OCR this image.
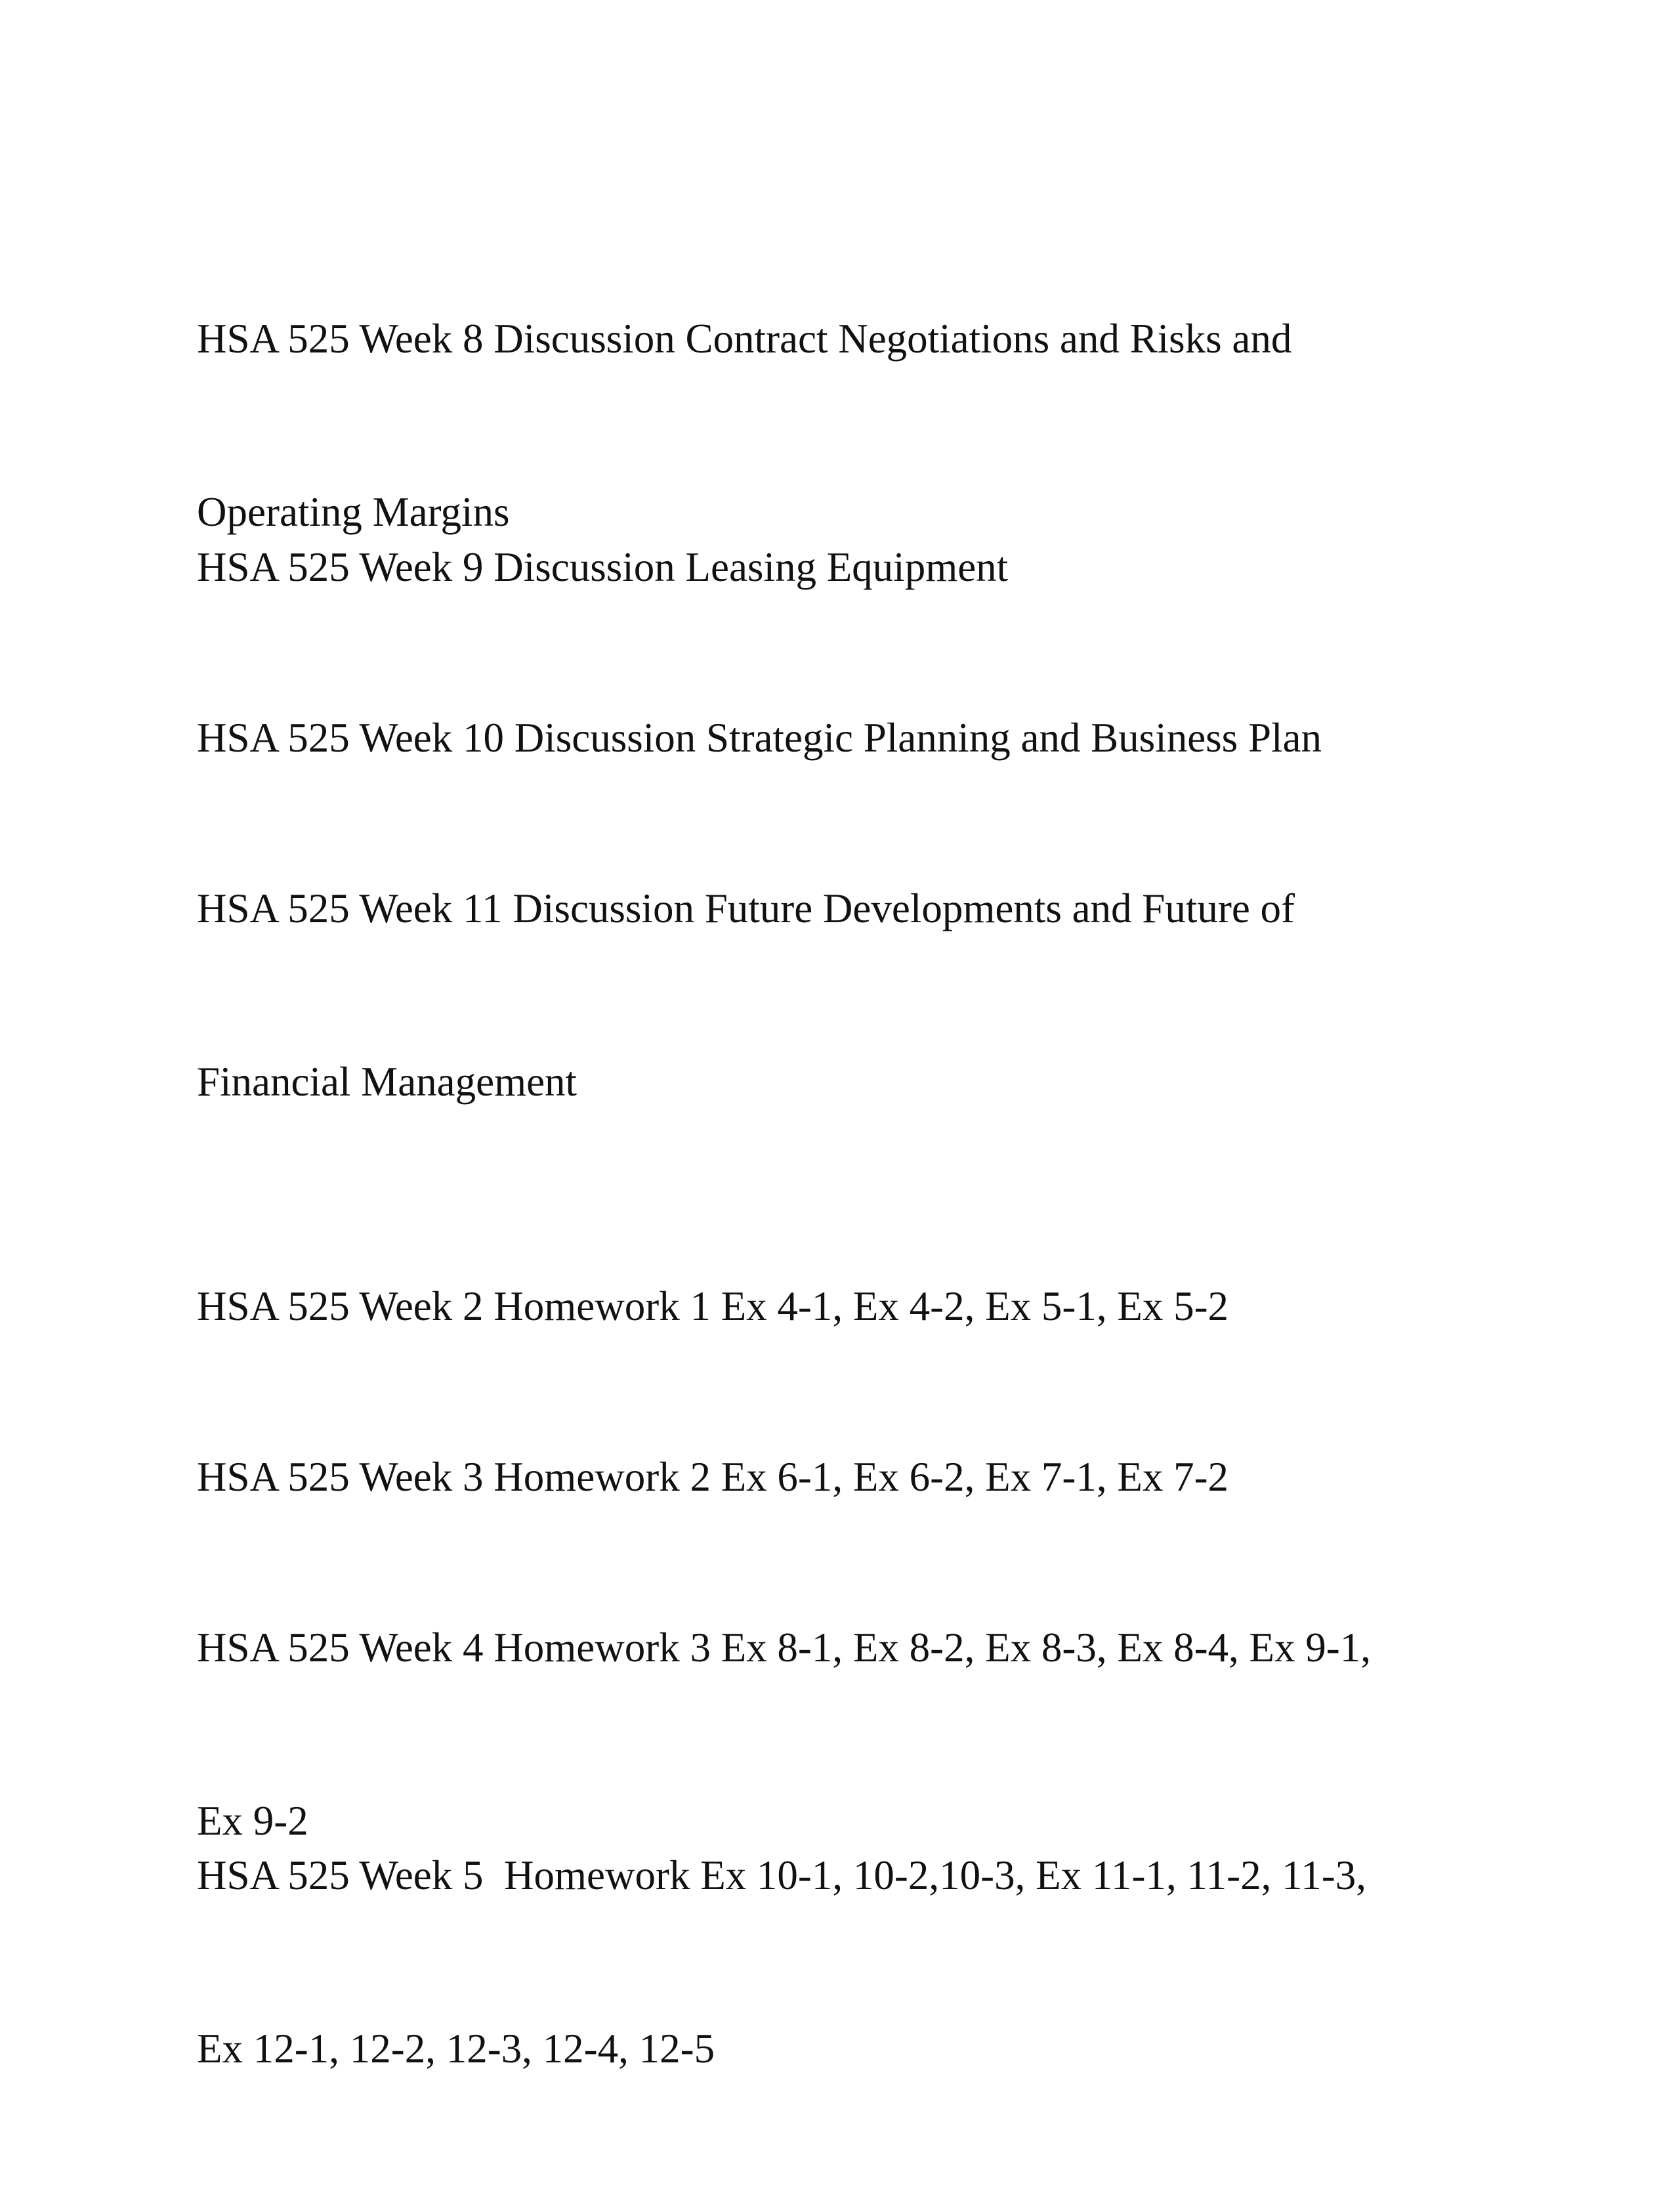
HSA 525 Week 8 Discussion Contract Negotiations and Risks and

Operating Margins

HSA 525 Week 9 Discussion Leasing Equipment

HSA 525 Week 10 Discussion Strategic Planning and Business Plan

HSA 525 Week 11 Discussion Future Developments and Future of

Financial Management

HSA 525 Week 2 Homework 1 Ex 4-1, Ex 4-2, Ex 5-1, Ex 5-2

HSA 525 Week 3 Homework 2 Ex 6-1, Ex 6-2, Ex 7-1, Ex 7-2

HSA 525 Week 4 Homework 3 Ex 8-1, Ex 8-2, Ex 8-3, Ex 8-4, Ex 9-1,

Ex 9-2

HSA 525 Week 5  Homework Ex 10-1, 10-2,10-3, Ex 11-1, 11-2, 11-3,

Ex 12-1, 12-2, 12-3, 12-4, 12-5
